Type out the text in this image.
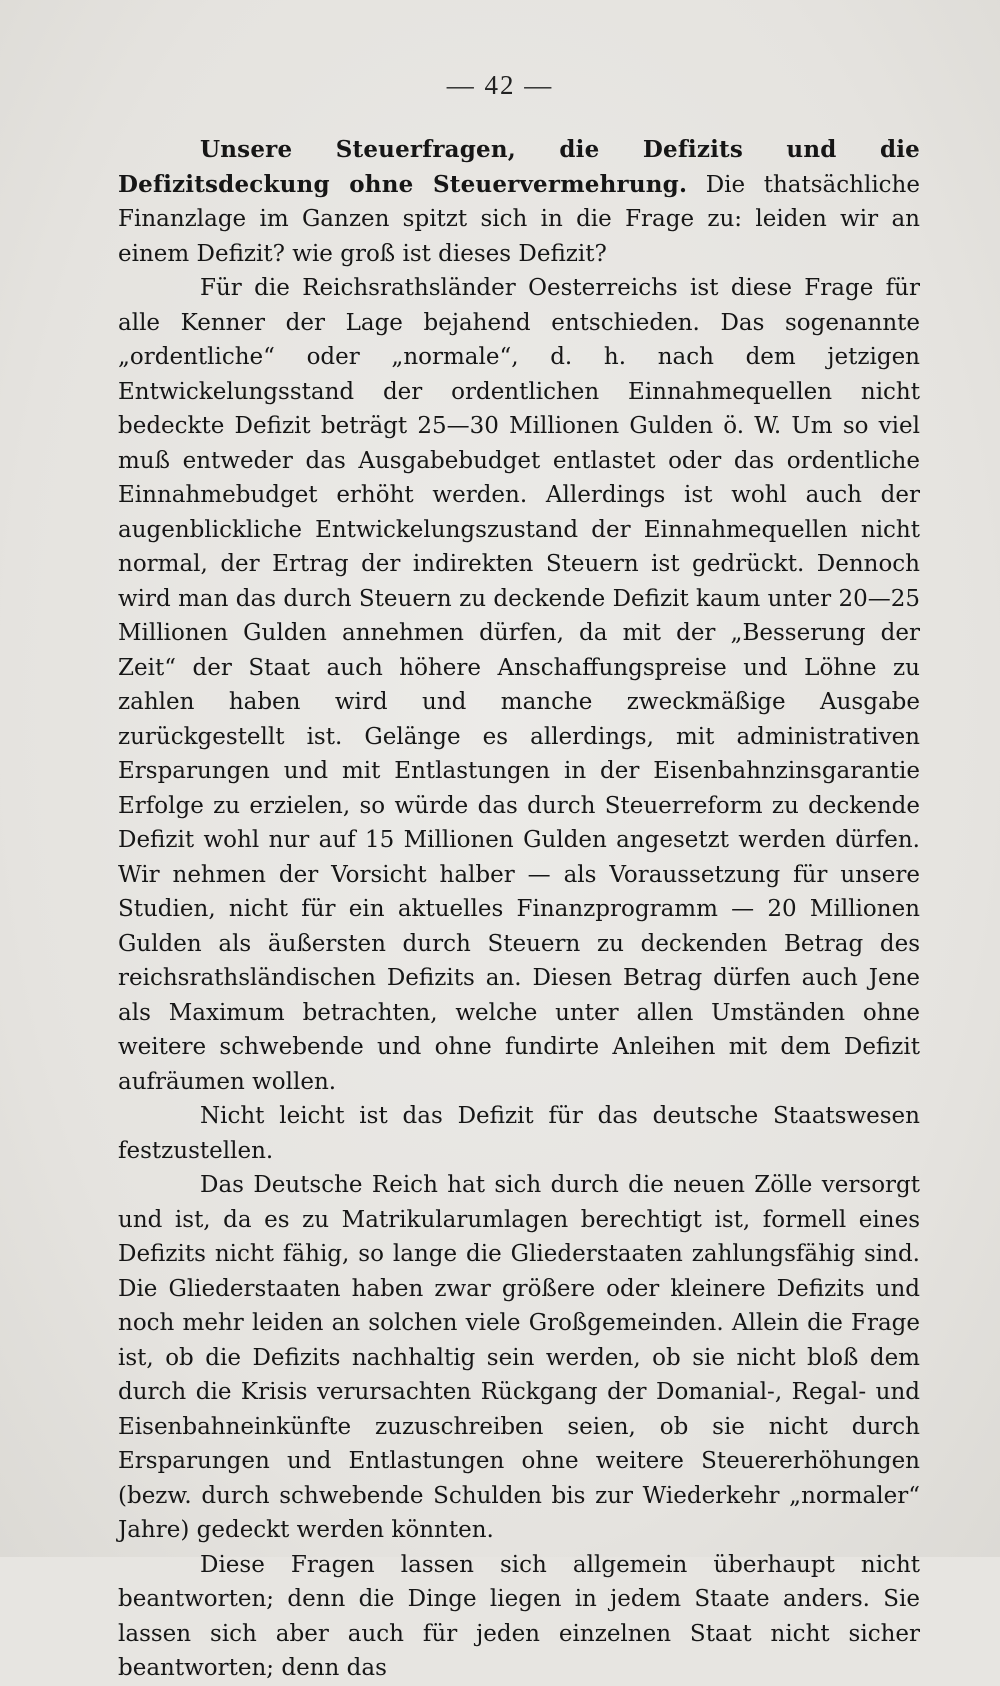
— 42 —

Unsere Steuerfragen, die Defizits und die Defizitsdeckung ohne Steuervermehrung. Die thatsächliche Finanzlage im Ganzen spitzt sich in die Frage zu: leiden wir an einem Defizit? wie groß ist dieses Defizit?

Für die Reichsrathsländer Oesterreichs ist diese Frage für alle Kenner der Lage bejahend entschieden. Das sogenannte „ordentliche“ oder „normale“, d. h. nach dem jetzigen Entwickelungsstand der ordentlichen Einnahmequellen nicht bedeckte Defizit beträgt 25—30 Millionen Gulden ö. W. Um so viel muß entweder das Ausgabebudget entlastet oder das ordentliche Einnahmebudget erhöht werden. Allerdings ist wohl auch der augenblickliche Entwickelungszustand der Einnahmequellen nicht normal, der Ertrag der indirekten Steuern ist gedrückt. Dennoch wird man das durch Steuern zu deckende Defizit kaum unter 20—25 Millionen Gulden annehmen dürfen, da mit der „Besserung der Zeit“ der Staat auch höhere Anschaffungspreise und Löhne zu zahlen haben wird und manche zweckmäßige Ausgabe zurückgestellt ist. Gelänge es allerdings, mit administrativen Ersparungen und mit Entlastungen in der Eisenbahnzinsgarantie Erfolge zu erzielen, so würde das durch Steuerreform zu deckende Defizit wohl nur auf 15 Millionen Gulden angesetzt werden dürfen. Wir nehmen der Vorsicht halber — als Voraussetzung für unsere Studien, nicht für ein aktuelles Finanzprogramm — 20 Millionen Gulden als äußersten durch Steuern zu deckenden Betrag des reichsrathsländischen Defizits an. Diesen Betrag dürfen auch Jene als Maximum betrachten, welche unter allen Umständen ohne weitere schwebende und ohne fundirte Anleihen mit dem Defizit aufräumen wollen.

Nicht leicht ist das Defizit für das deutsche Staatswesen festzustellen.

Das Deutsche Reich hat sich durch die neuen Zölle versorgt und ist, da es zu Matrikularumlagen berechtigt ist, formell eines Defizits nicht fähig, so lange die Gliederstaaten zahlungsfähig sind. Die Gliederstaaten haben zwar größere oder kleinere Defizits und noch mehr leiden an solchen viele Großgemeinden. Allein die Frage ist, ob die Defizits nachhaltig sein werden, ob sie nicht bloß dem durch die Krisis verursachten Rückgang der Domanial-, Regal- und Eisenbahneinkünfte zuzuschreiben seien, ob sie nicht durch Ersparungen und Entlastungen ohne weitere Steuererhöhungen (bezw. durch schwebende Schulden bis zur Wiederkehr „normaler“ Jahre) gedeckt werden könnten.

Diese Fragen lassen sich allgemein überhaupt nicht beantworten; denn die Dinge liegen in jedem Staate anders. Sie lassen sich aber auch für jeden einzelnen Staat nicht sicher beantworten; denn das
